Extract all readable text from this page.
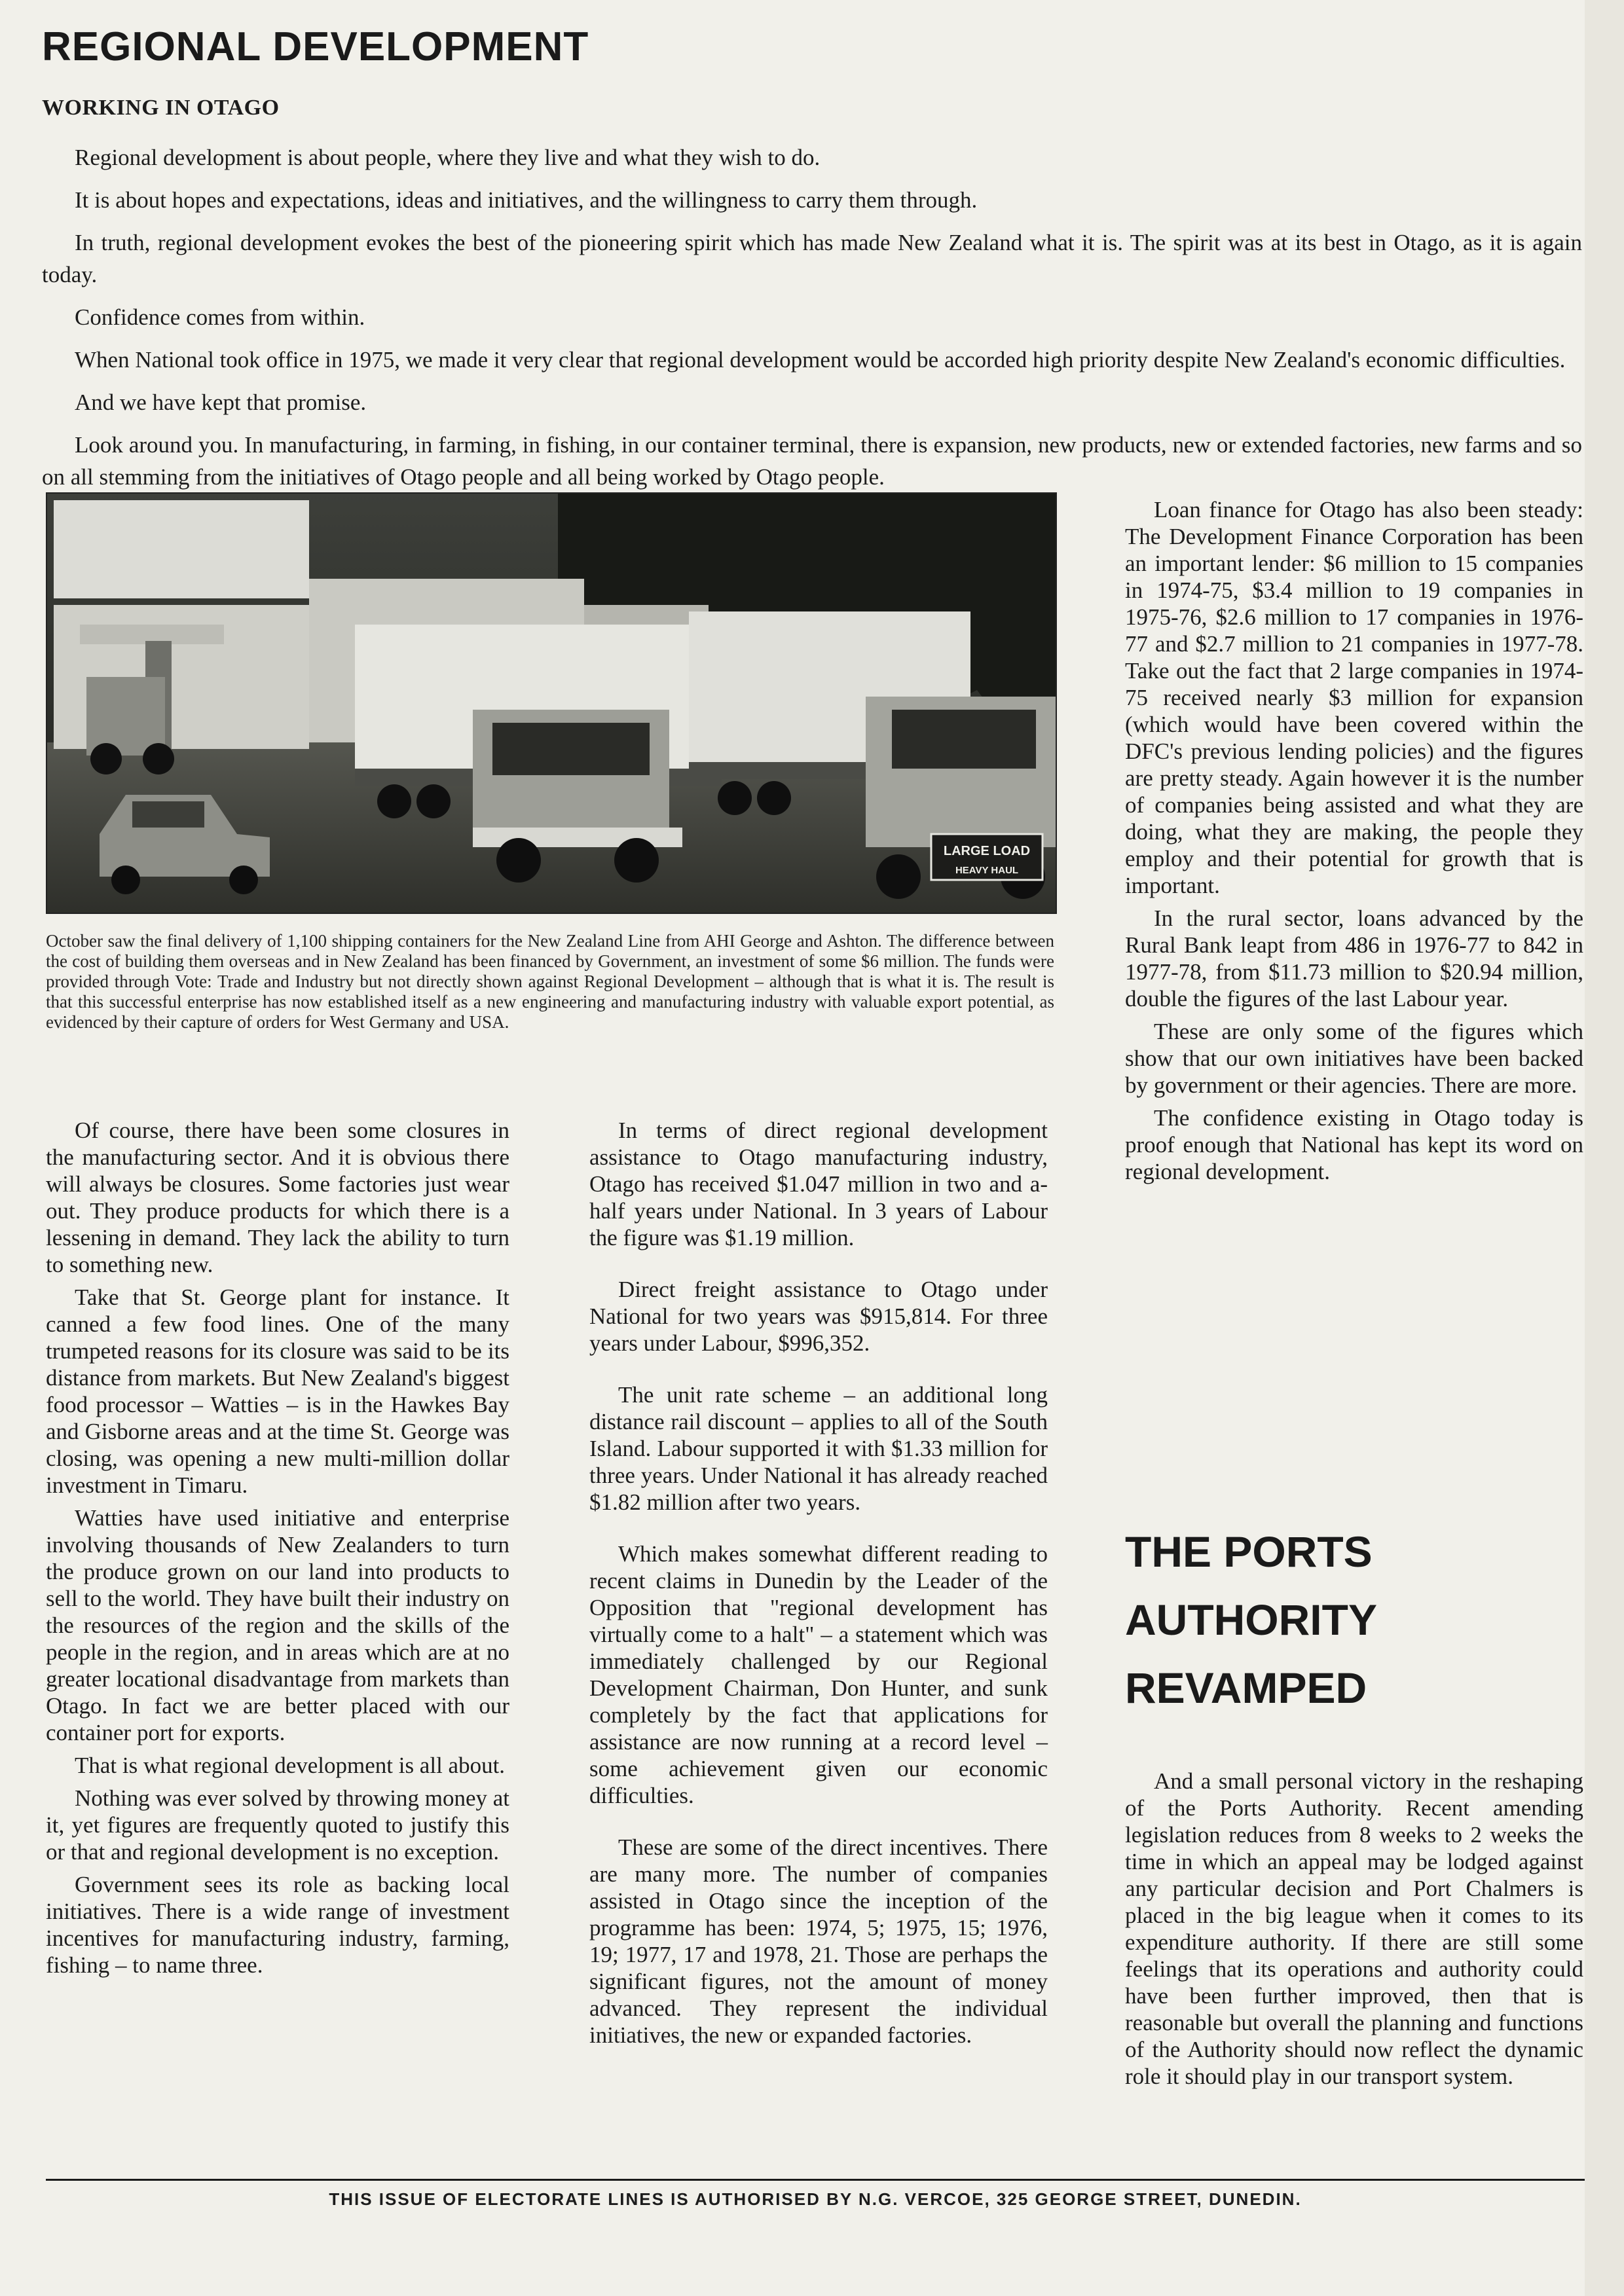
REGIONAL DEVELOPMENT
WORKING IN OTAGO

Regional development is about people, where they live and what they wish to do.

It is about hopes and expectations, ideas and initiatives, and the willingness to carry them through.

In truth, regional development evokes the best of the pioneering spirit which has made New Zealand what it is. The spirit was at its best in Otago, as it is again today.

Confidence comes from within.

When National took office in 1975, we made it very clear that regional development would be accorded high priority despite New Zealand's economic difficulties.

And we have kept that promise.

Look around you. In manufacturing, in farming, in fishing, in our container terminal, there is expansion, new products, new or extended factories, new farms and so on all stemming from the initiatives of Otago people and all being worked by Otago people.

LARGE LOAD
HEAVY HAUL

October saw the final delivery of 1,100 shipping containers for the New Zealand Line from AHI George and Ashton. The difference between the cost of building them overseas and in New Zealand has been financed by Government, an investment of some $6 million. The funds were provided through Vote: Trade and Industry but not directly shown against Regional Development – although that is what it is. The result is that this successful enterprise has now established itself as a new engineering and manufacturing industry with valuable export potential, as evidenced by their capture of orders for West Germany and USA.

Of course, there have been some closures in the manufacturing sector. And it is obvious there will always be closures. Some factories just wear out. They produce products for which there is a lessening in demand. They lack the ability to turn to something new.

Take that St. George plant for instance. It canned a few food lines. One of the many trumpeted reasons for its closure was said to be its distance from markets. But New Zealand's biggest food processor – Watties – is in the Hawkes Bay and Gisborne areas and at the time St. George was closing, was opening a new multi-million dollar investment in Timaru.

Watties have used initiative and enterprise involving thousands of New Zealanders to turn the produce grown on our land into products to sell to the world. They have built their industry on the resources of the region and the skills of the people in the region, and in areas which are at no greater locational disadvantage from markets than Otago. In fact we are better placed with our container port for exports.

That is what regional development is all about.

Nothing was ever solved by throwing money at it, yet figures are frequently quoted to justify this or that and regional development is no exception.

Government sees its role as backing local initiatives. There is a wide range of investment incentives for manufacturing industry, farming, fishing – to name three.

In terms of direct regional development assistance to Otago manufacturing industry, Otago has received $1.047 million in two and a-half years under National. In 3 years of Labour the figure was $1.19 million.

Direct freight assistance to Otago under National for two years was $915,814. For three years under Labour, $996,352.

The unit rate scheme – an additional long distance rail discount – applies to all of the South Island. Labour supported it with $1.33 million for three years. Under National it has already reached $1.82 million after two years.

Which makes somewhat different reading to recent claims in Dunedin by the Leader of the Opposition that "regional development has virtually come to a halt" – a statement which was immediately challenged by our Regional Development Chairman, Don Hunter, and sunk completely by the fact that applications for assistance are now running at a record level – some achievement given our economic difficulties.

These are some of the direct incentives. There are many more. The number of companies assisted in Otago since the inception of the programme has been: 1974, 5; 1975, 15; 1976, 19; 1977, 17 and 1978, 21. Those are perhaps the significant figures, not the amount of money advanced. They represent the individual initiatives, the new or expanded factories.

Loan finance for Otago has also been steady: The Development Finance Corporation has been an important lender: $6 million to 15 companies in 1974-75, $3.4 million to 19 companies in 1975-76, $2.6 million to 17 companies in 1976-77 and $2.7 million to 21 companies in 1977-78. Take out the fact that 2 large companies in 1974-75 received nearly $3 million for expansion (which would have been covered within the DFC's previous lending policies) and the figures are pretty steady. Again however it is the number of companies being assisted and what they are doing, what they are making, the people they employ and their potential for growth that is important.

In the rural sector, loans advanced by the Rural Bank leapt from 486 in 1976-77 to 842 in 1977-78, from $11.73 million to $20.94 million, double the figures of the last Labour year.

These are only some of the figures which show that our own initiatives have been backed by government or their agencies. There are more.

The confidence existing in Otago today is proof enough that National has kept its word on regional development.

THE PORTS
AUTHORITY
REVAMPED

And a small personal victory in the reshaping of the Ports Authority. Recent amending legislation reduces from 8 weeks to 2 weeks the time in which an appeal may be lodged against any particular decision and Port Chalmers is placed in the big league when it comes to its expenditure authority. If there are still some feelings that its operations and authority could have been further improved, then that is reasonable but overall the planning and functions of the Authority should now reflect the dynamic role it should play in our transport system.

THIS ISSUE OF ELECTORATE LINES IS AUTHORISED BY N.G. VERCOE, 325 GEORGE STREET, DUNEDIN.
